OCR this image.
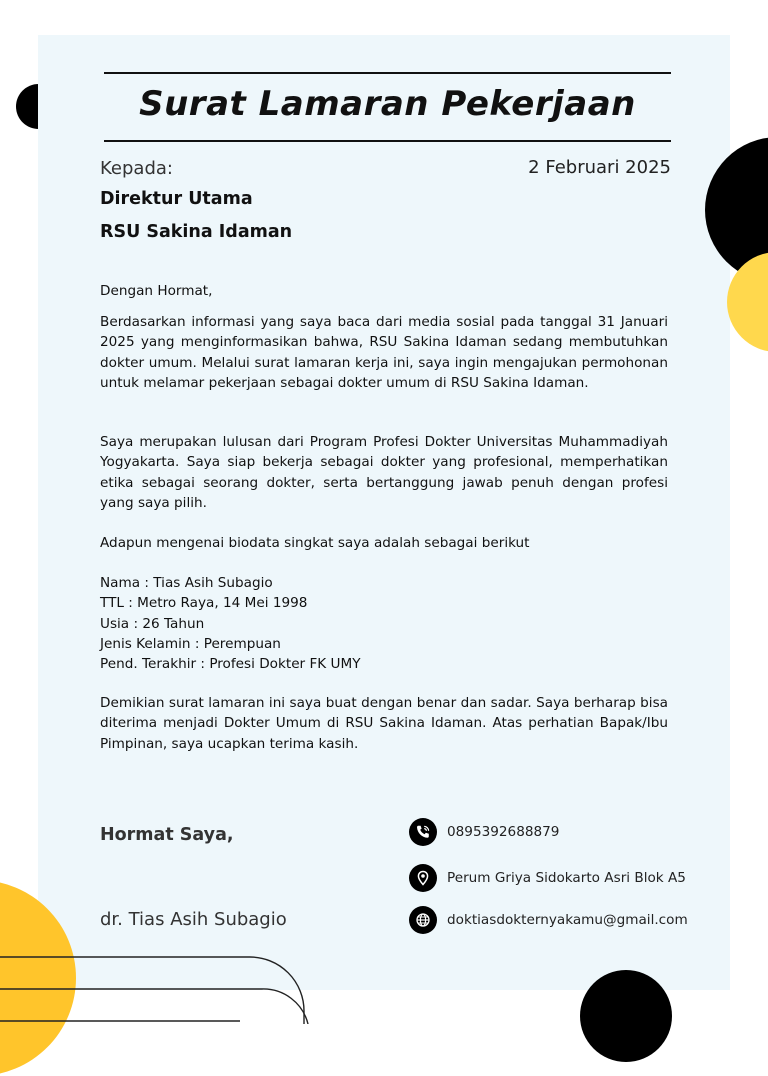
Surat Lamaran Pekerjaan
Kepada:	2 Februari 2025
Direktur Utama
RSU Sakina Idaman
Dengan Hormat,
Berdasarkan informasi yang saya baca dari media sosial pada tanggal 31 Januari 2025 yang menginformasikan bahwa, RSU Sakina Idaman sedang membutuhkan dokter umum. Melalui surat lamaran kerja ini, saya ingin mengajukan permohonan untuk melamar pekerjaan sebagai dokter umum di RSU Sakina Idaman.
Saya merupakan lulusan dari Program Profesi Dokter Universitas Muhammadiyah Yogyakarta. Saya siap bekerja sebagai dokter yang profesional, memperhatikan etika sebagai seorang dokter, serta bertanggung jawab penuh dengan profesi yang saya pilih.
Adapun mengenai biodata singkat saya adalah sebagai berikut
Nama : Tias Asih Subagio
TTL : Metro Raya, 14 Mei 1998
Usia : 26 Tahun
Jenis Kelamin : Perempuan
Pend. Terakhir : Profesi Dokter FK UMY
Demikian surat lamaran ini saya buat dengan benar dan sadar. Saya berharap bisa diterima menjadi Dokter Umum di RSU Sakina Idaman. Atas perhatian Bapak/Ibu Pimpinan, saya ucapkan terima kasih.
Hormat Saya,
dr. Tias Asih Subagio
0895392688879
Perum Griya Sidokarto Asri Blok A5
doktiasdokternyakamu@gmail.com
